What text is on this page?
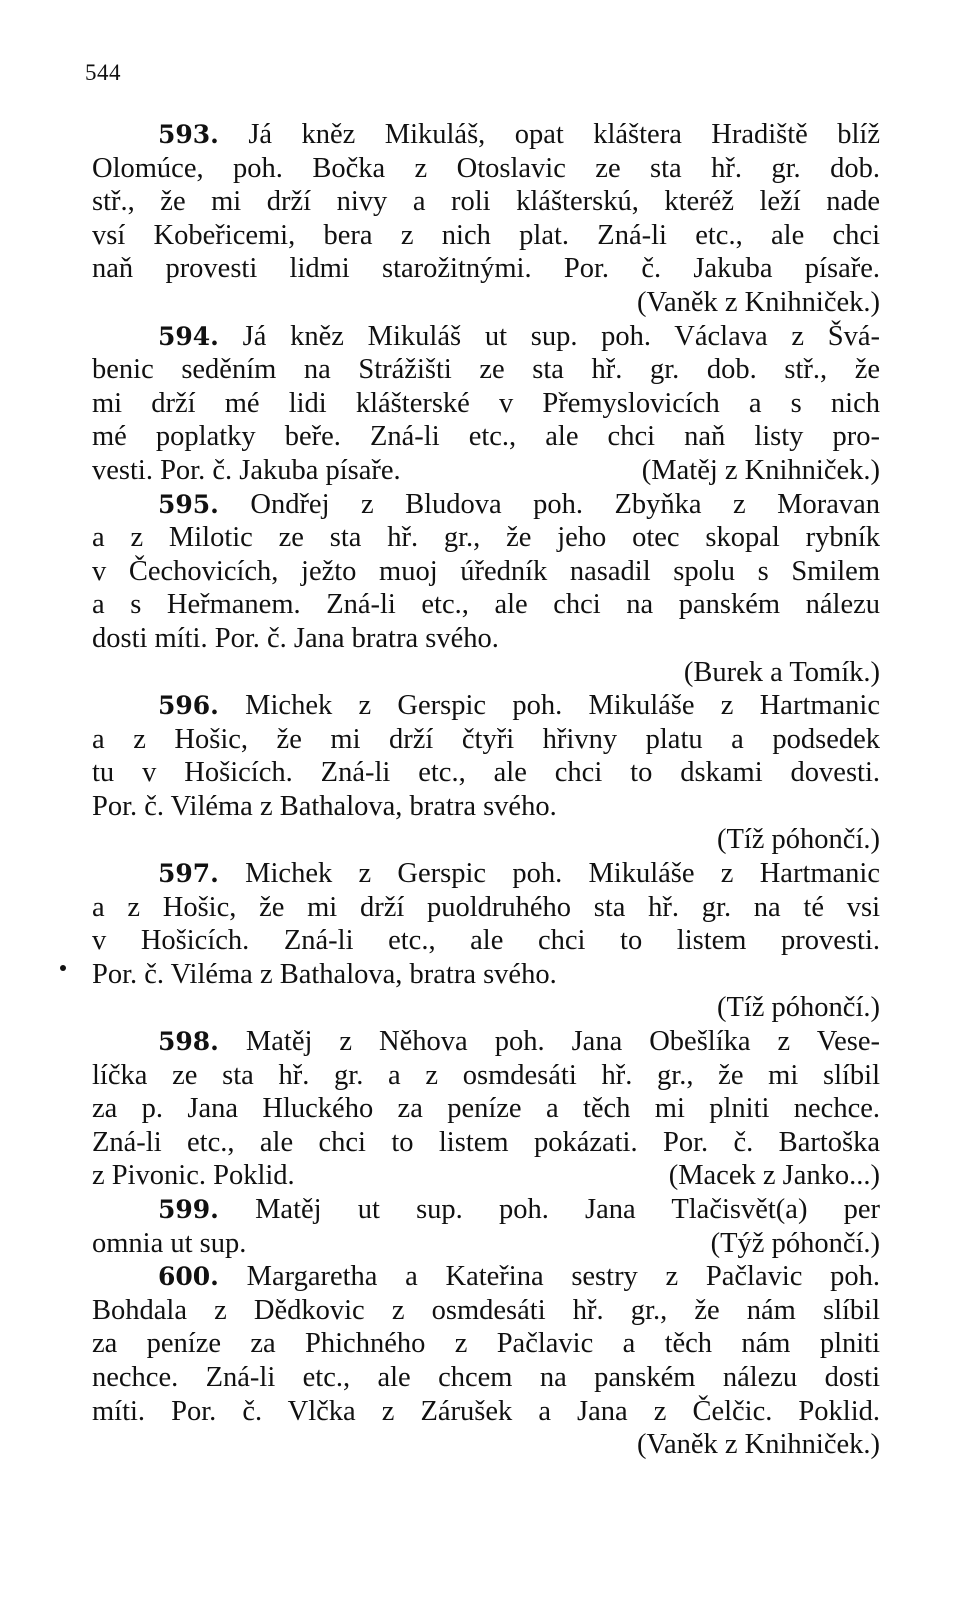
544
593. Já kněz Mikuláš, opat kláštera Hradiště blíž
Olomúce, poh. Bočka z Otoslavic ze sta hř. gr. dob.
stř., že mi drží nivy a roli klášterskú, kteréž leží nade
vsí Kobeřicemi, bera z nich plat. Zná-li etc., ale chci
naň provesti lidmi starožitnými. Por. č. Jakuba písaře.
(Vaněk z Knihniček.)
594. Já kněz Mikuláš ut sup. poh. Václava z Švá-
benic seděním na Strážišti ze sta hř. gr. dob. stř., že
mi drží mé lidi klášterské v Přemyslovicích a s nich
mé poplatky beře. Zná-li etc., ale chci naň listy pro-
vesti. Por. č. Jakuba písaře.	(Matěj z Knihniček.)
595. Ondřej z Bludova poh. Zbyňka z Moravan
a z Milotic ze sta hř. gr., že jeho otec skopal rybník
v Čechovicích, ježto muoj úředník nasadil spolu s Smilem
a s Heřmanem. Zná-li etc., ale chci na panském nálezu
dosti míti. Por. č. Jana bratra svého.
(Burek a Tomík.)
596. Michek z Gerspic poh. Mikuláše z Hartmanic
a z Hošic, že mi drží čtyři hřivny platu a podsedek
tu v Hošicích. Zná-li etc., ale chci to dskami dovesti.
Por. č. Viléma z Bathalova, bratra svého.
(Tíž póhončí.)
597. Michek z Gerspic poh. Mikuláše z Hartmanic
a z Hošic, že mi drží puoldruhého sta hř. gr. na té vsi
v Hošicích. Zná-li etc., ale chci to listem provesti.
Por. č. Viléma z Bathalova, bratra svého.
(Tíž póhončí.)
598. Matěj z Něhova poh. Jana Obešlíka z Vese-
líčka ze sta hř. gr. a z osmdesáti hř. gr., že mi slíbil
za p. Jana Hluckého za peníze a těch mi plniti nechce.
Zná-li etc., ale chci to listem pokázati. Por. č. Bartoška
z Pivonic. Poklid.	(Macek z Janko...)
599. Matěj ut sup. poh. Jana Tlačisvět(a) per
omnia ut sup.	(Týž póhončí.)
600. Margaretha a Kateřina sestry z Pačlavic poh.
Bohdala z Dědkovic z osmdesáti hř. gr., že nám slíbil
za peníze za Phichného z Pačlavic a těch nám plniti
nechce. Zná-li etc., ale chcem na panském nálezu dosti
míti. Por. č. Vlčka z Zárušek a Jana z Čelčic. Poklid.
(Vaněk z Knihniček.)
